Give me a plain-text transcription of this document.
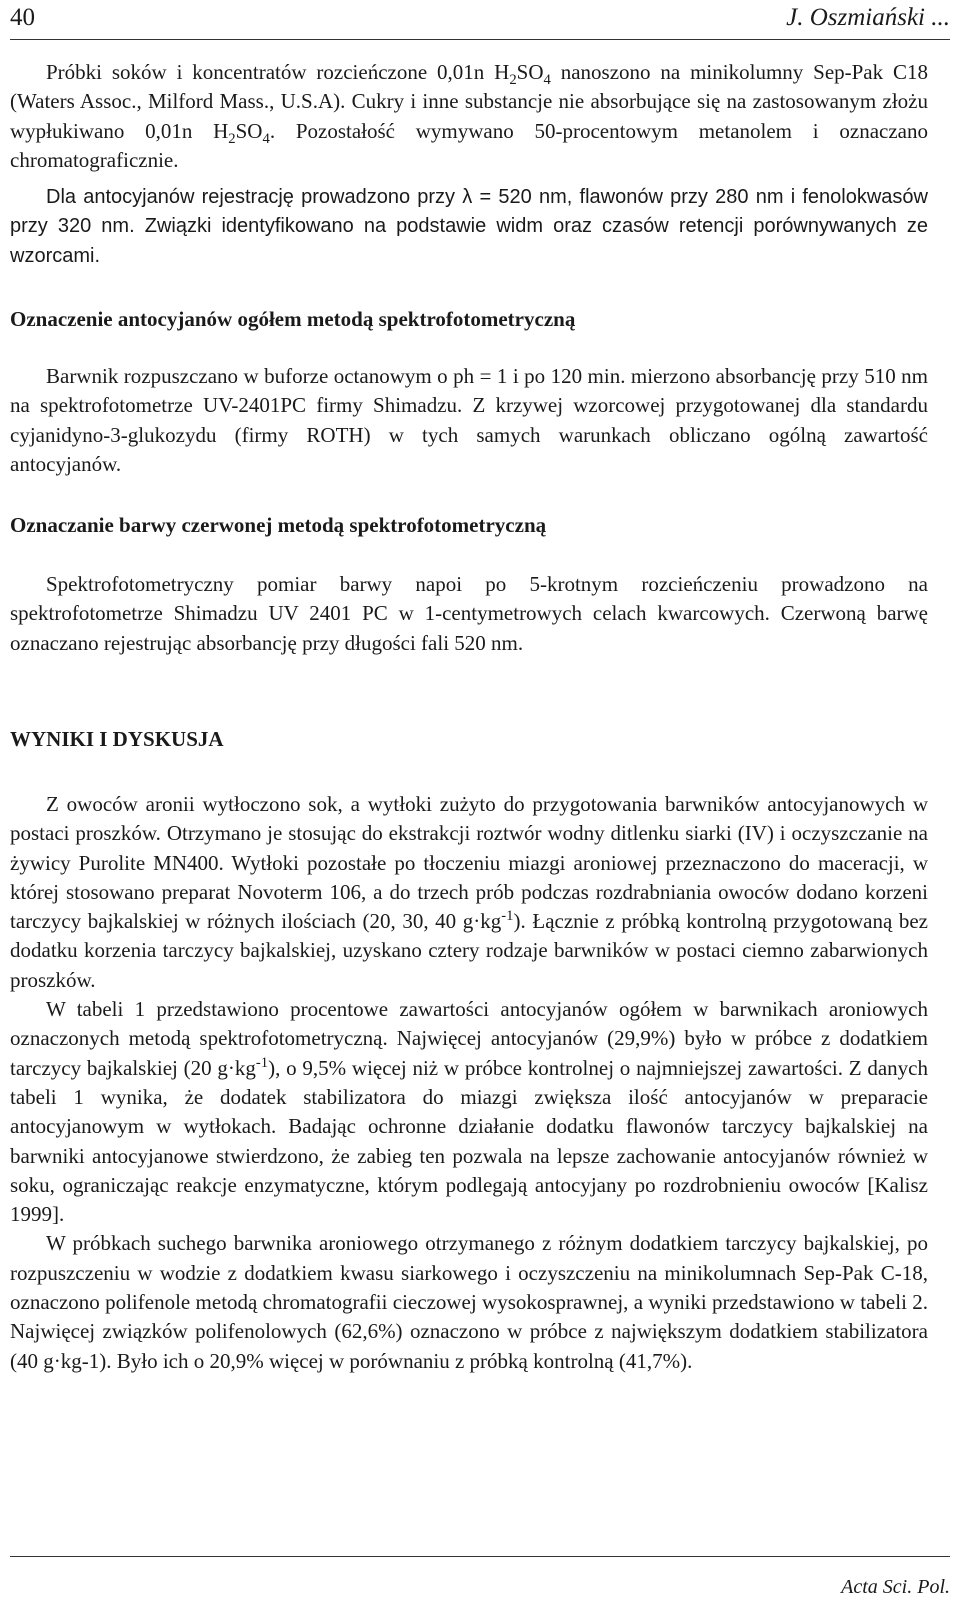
40	J. Oszmiański ...

Próbki soków i koncentratów rozcieńczone 0,01n $H_2SO_4$ nanoszono na minikolumny Sep-Pak C18 (Waters Assoc., Milford Mass., U.S.A). Cukry i inne substancje nie absorbujące się na zastosowanym złożu wypłukiwano 0,01n $H_2SO_4$. Pozostałość wymywano 50-procentowym metanolem i oznaczano chromatograficznie.

Dla antocyjanów rejestrację prowadzono przy λ = 520 nm, flawonów przy 280 nm i fenolokwasów przy 320 nm. Związki identyfikowano na podstawie widm oraz czasów retencji porównywanych ze wzorcami.

Oznaczenie antocyjanów ogółem metodą spektrofotometryczną

Barwnik rozpuszczano w buforze octanowym o ph = 1 i po 120 min. mierzono absorbancję przy 510 nm na spektrofotometrze UV-2401PC firmy Shimadzu. Z krzywej wzorcowej przygotowanej dla standardu cyjanidyno-3-glukozydu (firmy ROTH) w tych samych warunkach obliczano ogólną zawartość antocyjanów.

Oznaczanie barwy czerwonej metodą spektrofotometryczną

Spektrofotometryczny pomiar barwy napoi po 5-krotnym rozcieńczeniu prowadzono na spektrofotometrze Shimadzu UV 2401 PC w 1-centymetrowych celach kwarcowych. Czerwoną barwę oznaczano rejestrując absorbancję przy długości fali 520 nm.

WYNIKI I DYSKUSJA

Z owoców aronii wytłoczono sok, a wytłoki zużyto do przygotowania barwników antocyjanowych w postaci proszków. Otrzymano je stosując do ekstrakcji roztwór wodny ditlenku siarki (IV) i oczyszczanie na żywicy Purolite MN400. Wytłoki pozostałe po tłoczeniu miazgi aroniowej przeznaczono do maceracji, w której stosowano preparat Novoterm 106, a do trzech prób podczas rozdrabniania owoców dodano korzeni tarczycy bajkalskiej w różnych ilościach (20, 30, 40 $g\cdot kg^{-1}$). Łącznie z próbką kontrolną przygotowaną bez dodatku korzenia tarczycy bajkalskiej, uzyskano cztery rodzaje barwników w postaci ciemno zabarwionych proszków.

W tabeli 1 przedstawiono procentowe zawartości antocyjanów ogółem w barwnikach aroniowych oznaczonych metodą spektrofotometryczną. Najwięcej antocyjanów (29,9%) było w próbce z dodatkiem tarczycy bajkalskiej (20 $g\cdot kg^{-1}$), o 9,5% więcej niż w próbce kontrolnej o najmniejszej zawartości. Z danych tabeli 1 wynika, że dodatek stabilizatora do miazgi zwiększa ilość antocyjanów w preparacie antocyjanowym w wytłokach. Badając ochronne działanie dodatku flawonów tarczycy bajkalskiej na barwniki antocyjanowe stwierdzono, że zabieg ten pozwala na lepsze zachowanie antocyjanów również w soku, ograniczając reakcje enzymatyczne, którym podlegają antocyjany po rozdrobnieniu owoców [Kalisz 1999].

W próbkach suchego barwnika aroniowego otrzymanego z różnym dodatkiem tarczycy bajkalskiej, po rozpuszczeniu w wodzie z dodatkiem kwasu siarkowego i oczyszczeniu na minikolumnach Sep-Pak C-18, oznaczono polifenole metodą chromatografii cieczowej wysokosprawnej, a wyniki przedstawiono w tabeli 2. Najwięcej związków polifenolowych (62,6%) oznaczono w próbce z największym dodatkiem stabilizatora (40 g·kg-1). Było ich o 20,9% więcej w porównaniu z próbką kontrolną (41,7%).

Acta Sci. Pol.
